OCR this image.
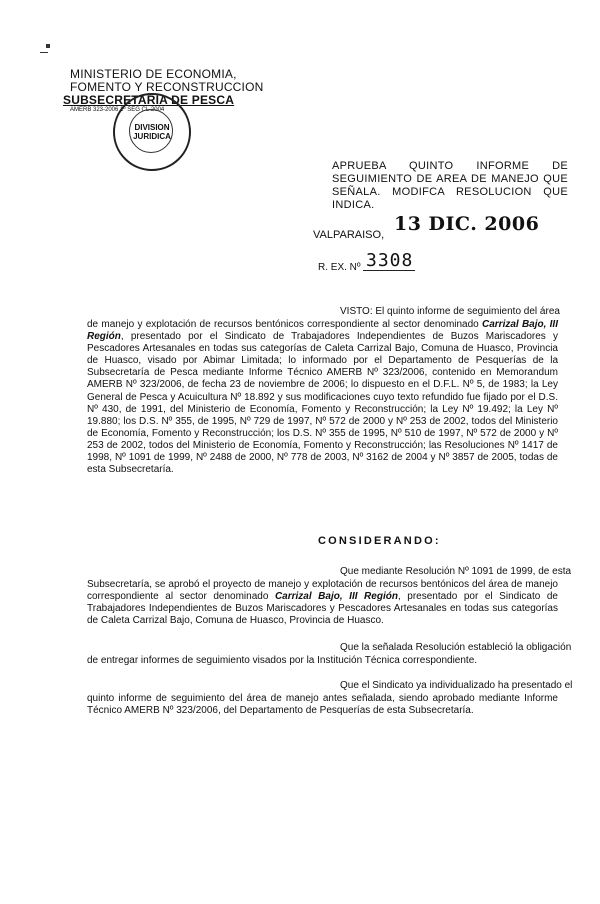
MINISTERIO DE ECONOMIA,
FOMENTO Y RECONSTRUCCION
SUBSECRETARIA DE PESCA
AMERB 323-2006 1º SEG CL.2004
DIVISION
JURIDICA
APRUEBA QUINTO INFORME DE SEGUIMIENTO DE AREA DE MANEJO QUE SEÑALA. MODIFCA RESOLUCION QUE INDICA.
VALPARAISO, 13 DIC. 2006
R. EX. Nº 3308
VISTO: El quinto informe de seguimiento del área
de manejo y explotación de recursos bentónicos correspondiente al sector denominado Carrizal Bajo, III Región, presentado por el Sindicato de Trabajadores Independientes de Buzos Mariscadores y Pescadores Artesanales en todas sus categorías de Caleta Carrizal Bajo, Comuna de Huasco, Provincia de Huasco, visado por Abimar Limitada; lo informado por el Departamento de Pesquerías de la Subsecretaría de Pesca mediante Informe Técnico AMERB Nº 323/2006, contenido en Memorandum AMERB Nº 323/2006, de fecha 23 de noviembre de 2006; lo dispuesto en el D.F.L. Nº 5, de 1983; la Ley General de Pesca y Acuicultura Nº 18.892 y sus modificaciones cuyo texto refundido fue fijado por el D.S. Nº 430, de 1991, del Ministerio de Economía, Fomento y Reconstrucción; la Ley Nº 19.492; la Ley Nº 19.880; los D.S. Nº 355, de 1995, Nº 729 de 1997, Nº 572 de 2000 y Nº 253 de 2002, todos del Ministerio de Economía, Fomento y Reconstrucción; los D.S. Nº 355 de 1995, Nº 510 de 1997, Nº 572 de 2000 y Nº 253 de 2002, todos del Ministerio de Economía, Fomento y Reconstrucción; las Resoluciones Nº 1417 de 1998, Nº 1091 de 1999, Nº 2488 de 2000, Nº 778 de 2003, Nº 3162 de 2004 y Nº 3857 de 2005, todas de esta Subsecretaría.
CONSIDERANDO:
Que mediante Resolución Nº 1091 de 1999, de esta
Subsecretaría, se aprobó el proyecto de manejo y explotación de recursos bentónicos del área de manejo correspondiente al sector denominado Carrizal Bajo, III Región, presentado por el Sindicato de Trabajadores Independientes de Buzos Mariscadores y Pescadores Artesanales en todas sus categorías de Caleta Carrizal Bajo, Comuna de Huasco, Provincia de Huasco.
Que la señalada Resolución estableció la obligación
de entregar informes de seguimiento visados por la Institución Técnica correspondiente.
Que el Sindicato ya individualizado ha presentado el
quinto informe de seguimiento del área de manejo antes señalada, siendo aprobado mediante Informe Técnico AMERB Nº 323/2006, del Departamento de Pesquerías de esta Subsecretaría.
